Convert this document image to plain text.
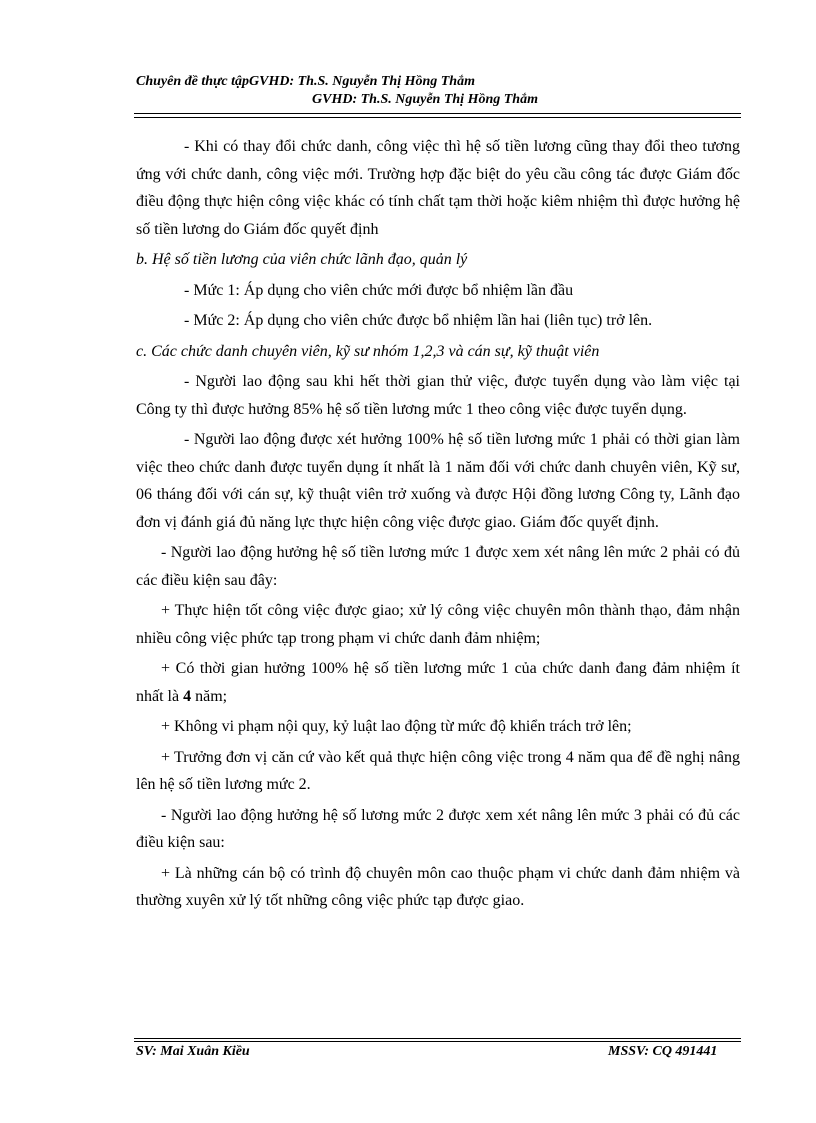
Chuyên đề thực tậpGVHD: Th.S. Nguyễn Thị Hồng Thắm
GVHD: Th.S. Nguyễn Thị Hồng Thắm

- Khi có thay đổi chức danh, công việc thì hệ số tiền lương cũng thay đổi theo tương ứng với chức danh, công việc mới. Trường hợp đặc biệt do yêu cầu công tác được Giám đốc điều động thực hiện công việc khác có tính chất tạm thời hoặc kiêm nhiệm thì được hưởng hệ số tiền lương do Giám đốc quyết định

b. Hệ số tiền lương của viên chức lãnh đạo, quản lý

- Mức 1: Áp dụng cho viên chức mới được bổ nhiệm lần đầu

- Mức 2: Áp dụng cho viên chức được bổ nhiệm lần hai (liên tục) trở lên.

c. Các chức danh chuyên viên, kỹ sư nhóm 1,2,3 và cán sự, kỹ thuật viên

- Người lao động sau khi hết thời gian thử việc, được tuyển dụng vào làm việc tại Công ty thì được hưởng 85% hệ số tiền lương mức 1 theo công việc được tuyển dụng.

- Người lao động được xét hưởng 100% hệ số tiền lương mức 1 phải có thời gian làm việc theo chức danh được tuyển dụng ít nhất là 1 năm đối với chức danh chuyên viên, Kỹ sư, 06 tháng đối với cán sự, kỹ thuật viên trở xuống và được Hội đồng lương Công ty, Lãnh đạo đơn vị đánh giá đủ năng lực thực hiện công việc được giao. Giám đốc quyết định.

- Người lao động hưởng hệ số tiền lương mức 1 được xem xét nâng lên mức 2 phải có đủ các điều kiện sau đây:

+ Thực hiện tốt công việc được giao; xử lý công việc chuyên môn thành thạo, đảm nhận nhiều công việc phức tạp trong phạm vi chức danh đảm nhiệm;

+ Có thời gian hưởng 100% hệ số tiền lương mức 1 của chức danh đang đảm nhiệm ít nhất là 4 năm;

+ Không vi phạm nội quy, kỷ luật lao động từ mức độ khiển trách trở lên;

+ Trưởng đơn vị căn cứ vào kết quả thực hiện công việc trong 4 năm qua để đề nghị nâng lên hệ số tiền lương mức 2.

- Người lao động hưởng hệ số lương mức 2 được xem xét nâng lên mức 3 phải có đủ các điều kiện sau:

+ Là những cán bộ có trình độ chuyên môn cao thuộc phạm vi chức danh đảm nhiệm và thường xuyên xử lý tốt những công việc phức tạp được giao.

SV: Mai Xuân Kiều	MSSV: CQ 491441
